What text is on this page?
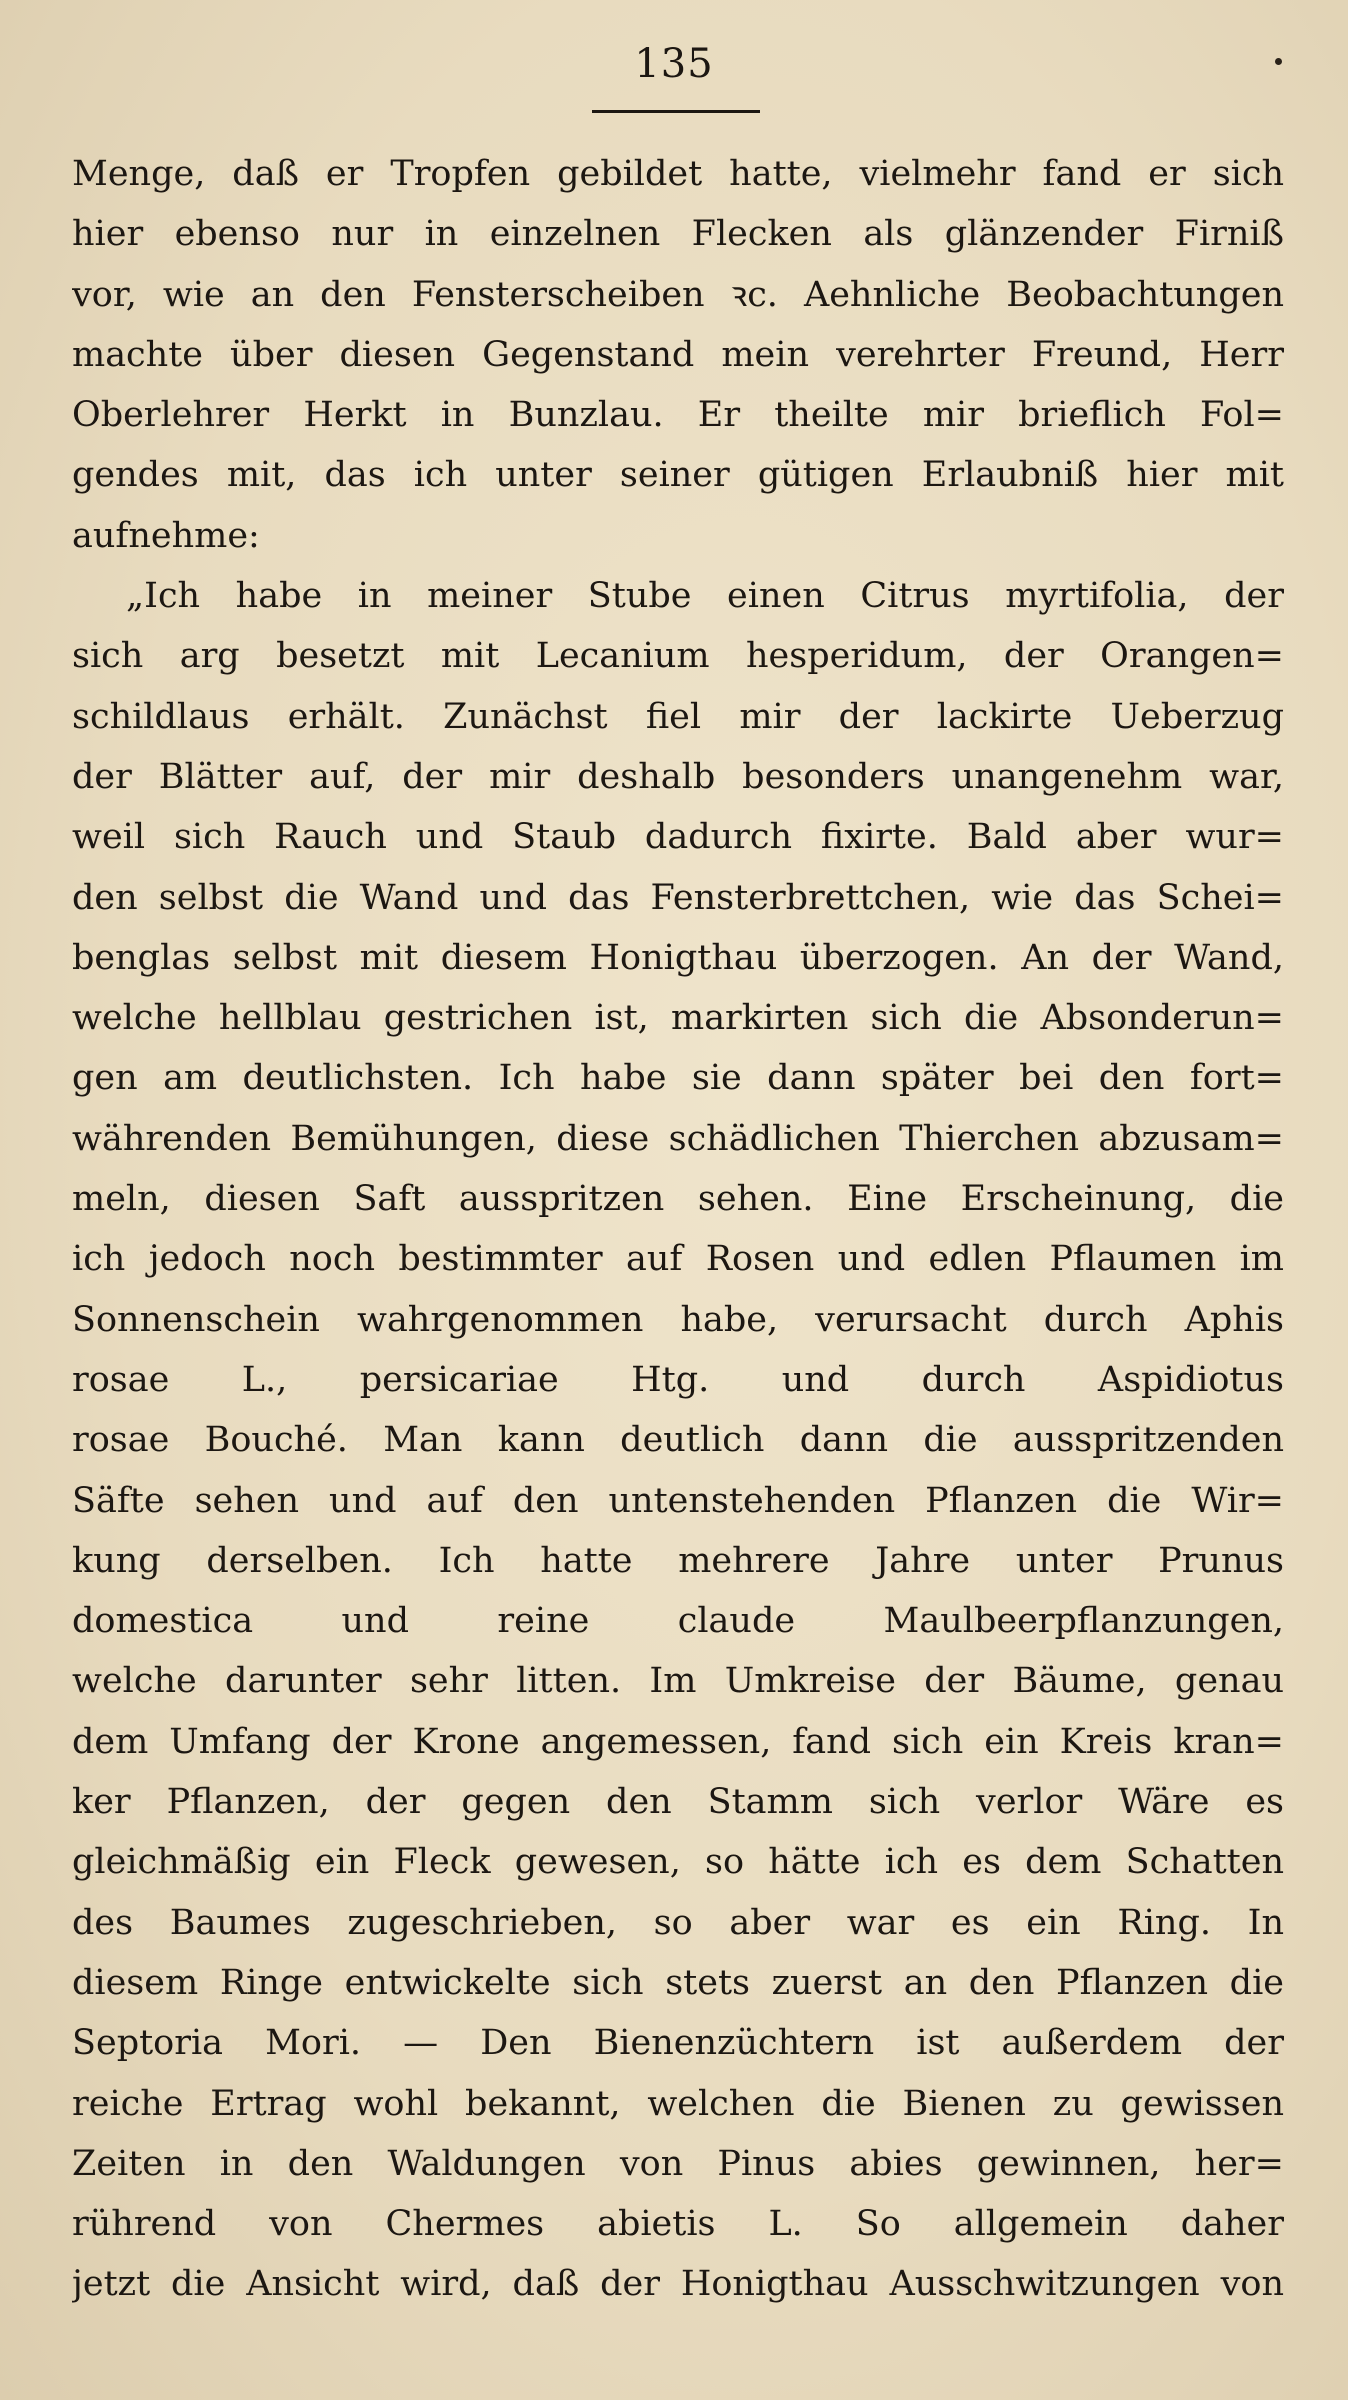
135
Menge, daß er Tropfen gebildet hatte, vielmehr fand er sich
hier ebenso nur in einzelnen Flecken als glänzender Firniß
vor, wie an den Fensterscheiben ꝛc. Aehnliche Beobachtungen
machte über diesen Gegenstand mein verehrter Freund, Herr
Oberlehrer Herkt in Bunzlau. Er theilte mir brieflich Fol=
gendes mit, das ich unter seiner gütigen Erlaubniß hier mit
aufnehme:
„Ich habe in meiner Stube einen Citrus myrtifolia, der
sich arg besetzt mit Lecanium hesperidum, der Orangen=
schildlaus erhält. Zunächst fiel mir der lackirte Ueberzug
der Blätter auf, der mir deshalb besonders unangenehm war,
weil sich Rauch und Staub dadurch fixirte. Bald aber wur=
den selbst die Wand und das Fensterbrettchen, wie das Schei=
benglas selbst mit diesem Honigthau überzogen. An der Wand,
welche hellblau gestrichen ist, markirten sich die Absonderun=
gen am deutlichsten. Ich habe sie dann später bei den fort=
währenden Bemühungen, diese schädlichen Thierchen abzusam=
meln, diesen Saft ausspritzen sehen. Eine Erscheinung, die
ich jedoch noch bestimmter auf Rosen und edlen Pflaumen im
Sonnenschein wahrgenommen habe, verursacht durch Aphis
rosae L., persicariae Htg. und durch Aspidiotus
rosae Bouché. Man kann deutlich dann die ausspritzenden
Säfte sehen und auf den untenstehenden Pflanzen die Wir=
kung derselben. Ich hatte mehrere Jahre unter Prunus
domestica und reine claude Maulbeerpflanzungen,
welche darunter sehr litten. Im Umkreise der Bäume, genau
dem Umfang der Krone angemessen, fand sich ein Kreis kran=
ker Pflanzen, der gegen den Stamm sich verlor Wäre es
gleichmäßig ein Fleck gewesen, so hätte ich es dem Schatten
des Baumes zugeschrieben, so aber war es ein Ring. In
diesem Ringe entwickelte sich stets zuerst an den Pflanzen die
Septoria Mori. — Den Bienenzüchtern ist außerdem der
reiche Ertrag wohl bekannt, welchen die Bienen zu gewissen
Zeiten in den Waldungen von Pinus abies gewinnen, her=
rührend von Chermes abietis L. So allgemein daher
jetzt die Ansicht wird, daß der Honigthau Ausschwitzungen von
